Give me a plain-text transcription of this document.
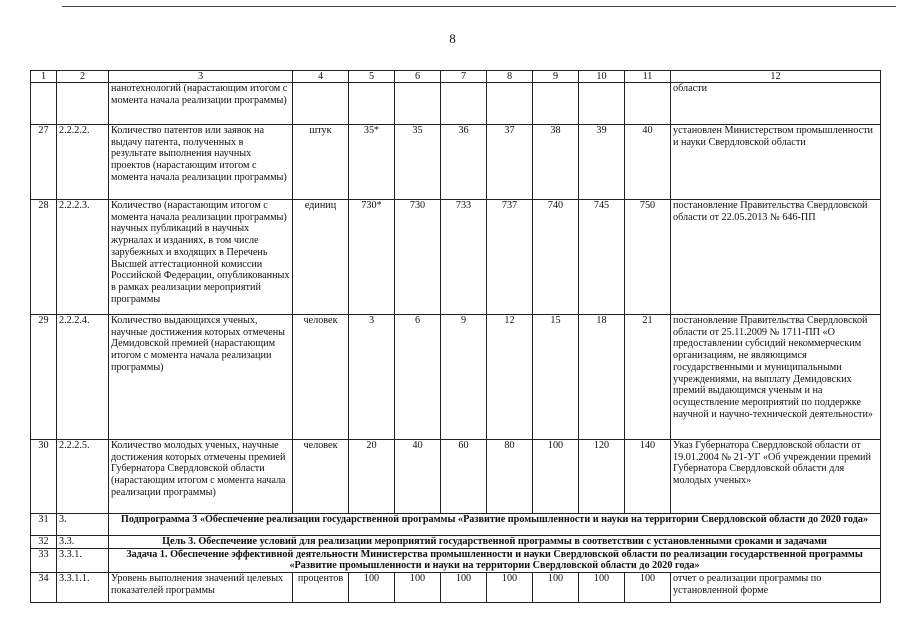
8
1	2	3	4	5	6	7	8	9	10	11	12
		нанотехнологий (нарастающим итогом с момента начала реализации программы)									области
27	2.2.2.2.	Количество патентов или заявок на выдачу патента, полученных в результате выполнения научных проектов (нарастающим итогом с момента начала реализации программы)	штук	35*	35	36	37	38	39	40	установлен Министерством промышленности и науки Свердловской области
28	2.2.2.3.	Количество (нарастающим итогом с момента начала реализации программы) научных публикаций в научных журналах и изданиях, в том числе зарубежных и входящих в Перечень Высшей аттестационной комиссии Российской Федерации, опубликованных в рамках реализации мероприятий программы	единиц	730*	730	733	737	740	745	750	постановление Правительства Свердловской области от 22.05.2013 № 646-ПП
29	2.2.2.4.	Количество выдающихся ученых, научные достижения которых отмечены Демидовской премией (нарастающим итогом с момента начала реализации программы)	человек	3	6	9	12	15	18	21	постановление Правительства Свердловской области от 25.11.2009 № 1711-ПП «О предоставлении субсидий некоммерческим организациям, не являющимся государственными и муниципальными учреждениями, на выплату Демидовских премий выдающимся ученым и на осуществление мероприятий по поддержке научной и научно-технической деятельности»
30	2.2.2.5.	Количество молодых ученых, научные достижения которых отмечены премией Губернатора Свердловской области (нарастающим итогом с момента начала реализации программы)	человек	20	40	60	80	100	120	140	Указ Губернатора Свердловской области от 19.01.2004 № 21-УГ «Об учреждении премий Губернатора Свердловской области для молодых ученых»
31	3.	Подпрограмма 3 «Обеспечение реализации государственной программы «Развитие промышленности и науки на территории Свердловской области до 2020 года»									
32	3.3.	Цель 3. Обеспечение условий для реализации мероприятий государственной программы в соответствии с установленными сроками и задачами									
33	3.3.1.	Задача 1. Обеспечение эффективной деятельности Министерства промышленности и науки Свердловской области по реализации государственной программы «Развитие промышленности и науки на территории Свердловской области до 2020 года»									
34	3.3.1.1.	Уровень выполнения значений целевых показателей программы	процентов	100	100	100	100	100	100	100	отчет о реализации программы по установленной форме
